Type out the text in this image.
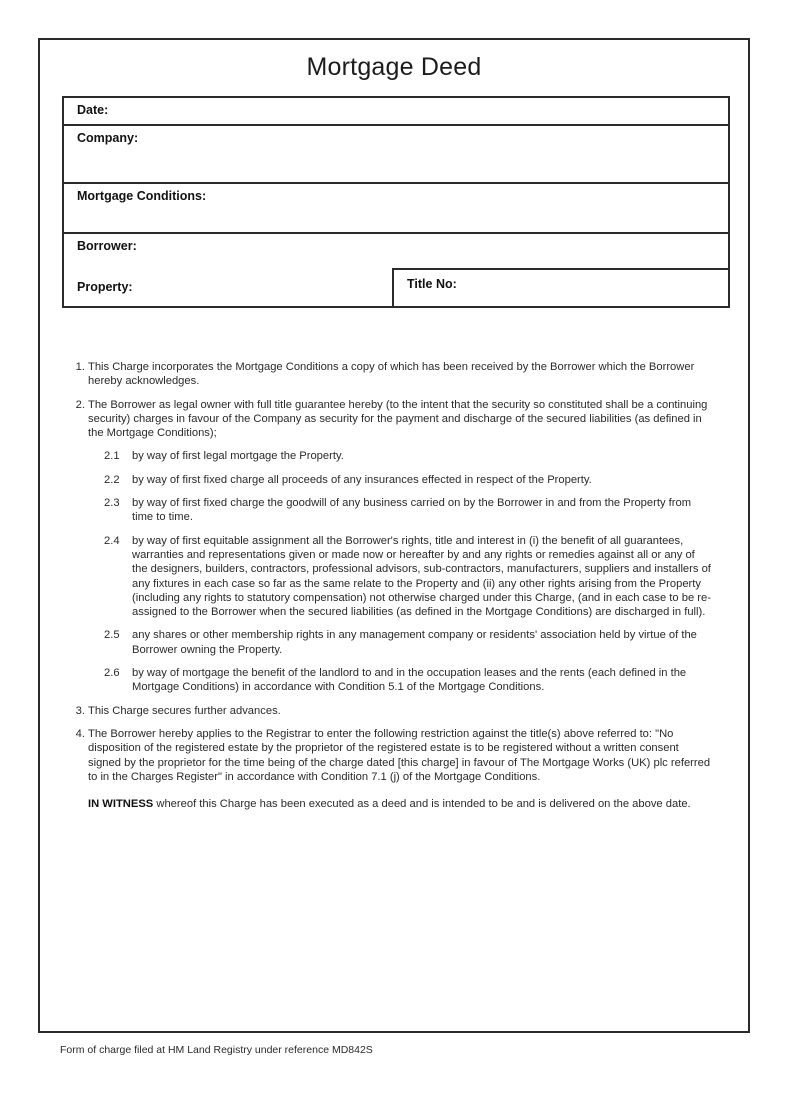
Mortgage Deed
Date:
Company:
Mortgage Conditions:
Borrower:
Property:	Title No:
1. This Charge incorporates the Mortgage Conditions a copy of which has been received by the Borrower which the Borrower hereby acknowledges.
2. The Borrower as legal owner with full title guarantee hereby (to the intent that the security so constituted shall be a continuing security) charges in favour of the Company as security for the payment and discharge of the secured liabilities (as defined in the Mortgage Conditions);
2.1 by way of first legal mortgage the Property.
2.2 by way of first fixed charge all proceeds of any insurances effected in respect of the Property.
2.3 by way of first fixed charge the goodwill of any business carried on by the Borrower in and from the Property from time to time.
2.4 by way of first equitable assignment all the Borrower's rights, title and interest in (i) the benefit of all guarantees, warranties and representations given or made now or hereafter by and any rights or remedies against all or any of the designers, builders, contractors, professional advisors, sub-contractors, manufacturers, suppliers and installers of any fixtures in each case so far as the same relate to the Property and (ii) any other rights arising from the Property (including any rights to statutory compensation) not otherwise charged under this Charge, (and in each case to be re-assigned to the Borrower when the secured liabilities (as defined in the Mortgage Conditions) are discharged in full).
2.5 any shares or other membership rights in any management company or residents' association held by virtue of the Borrower owning the Property.
2.6 by way of mortgage the benefit of the landlord to and in the occupation leases and the rents (each defined in the Mortgage Conditions) in accordance with Condition 5.1 of the Mortgage Conditions.
3. This Charge secures further advances.
4. The Borrower hereby applies to the Registrar to enter the following restriction against the title(s) above referred to: "No disposition of the registered estate by the proprietor of the registered estate is to be registered without a written consent signed by the proprietor for the time being of the charge dated [this charge] in favour of The Mortgage Works (UK) plc referred to in the Charges Register" in accordance with Condition 7.1 (j) of the Mortgage Conditions.
IN WITNESS whereof this Charge has been executed as a deed and is intended to be and is delivered on the above date.
Form of charge filed at HM Land Registry under reference MD842S
